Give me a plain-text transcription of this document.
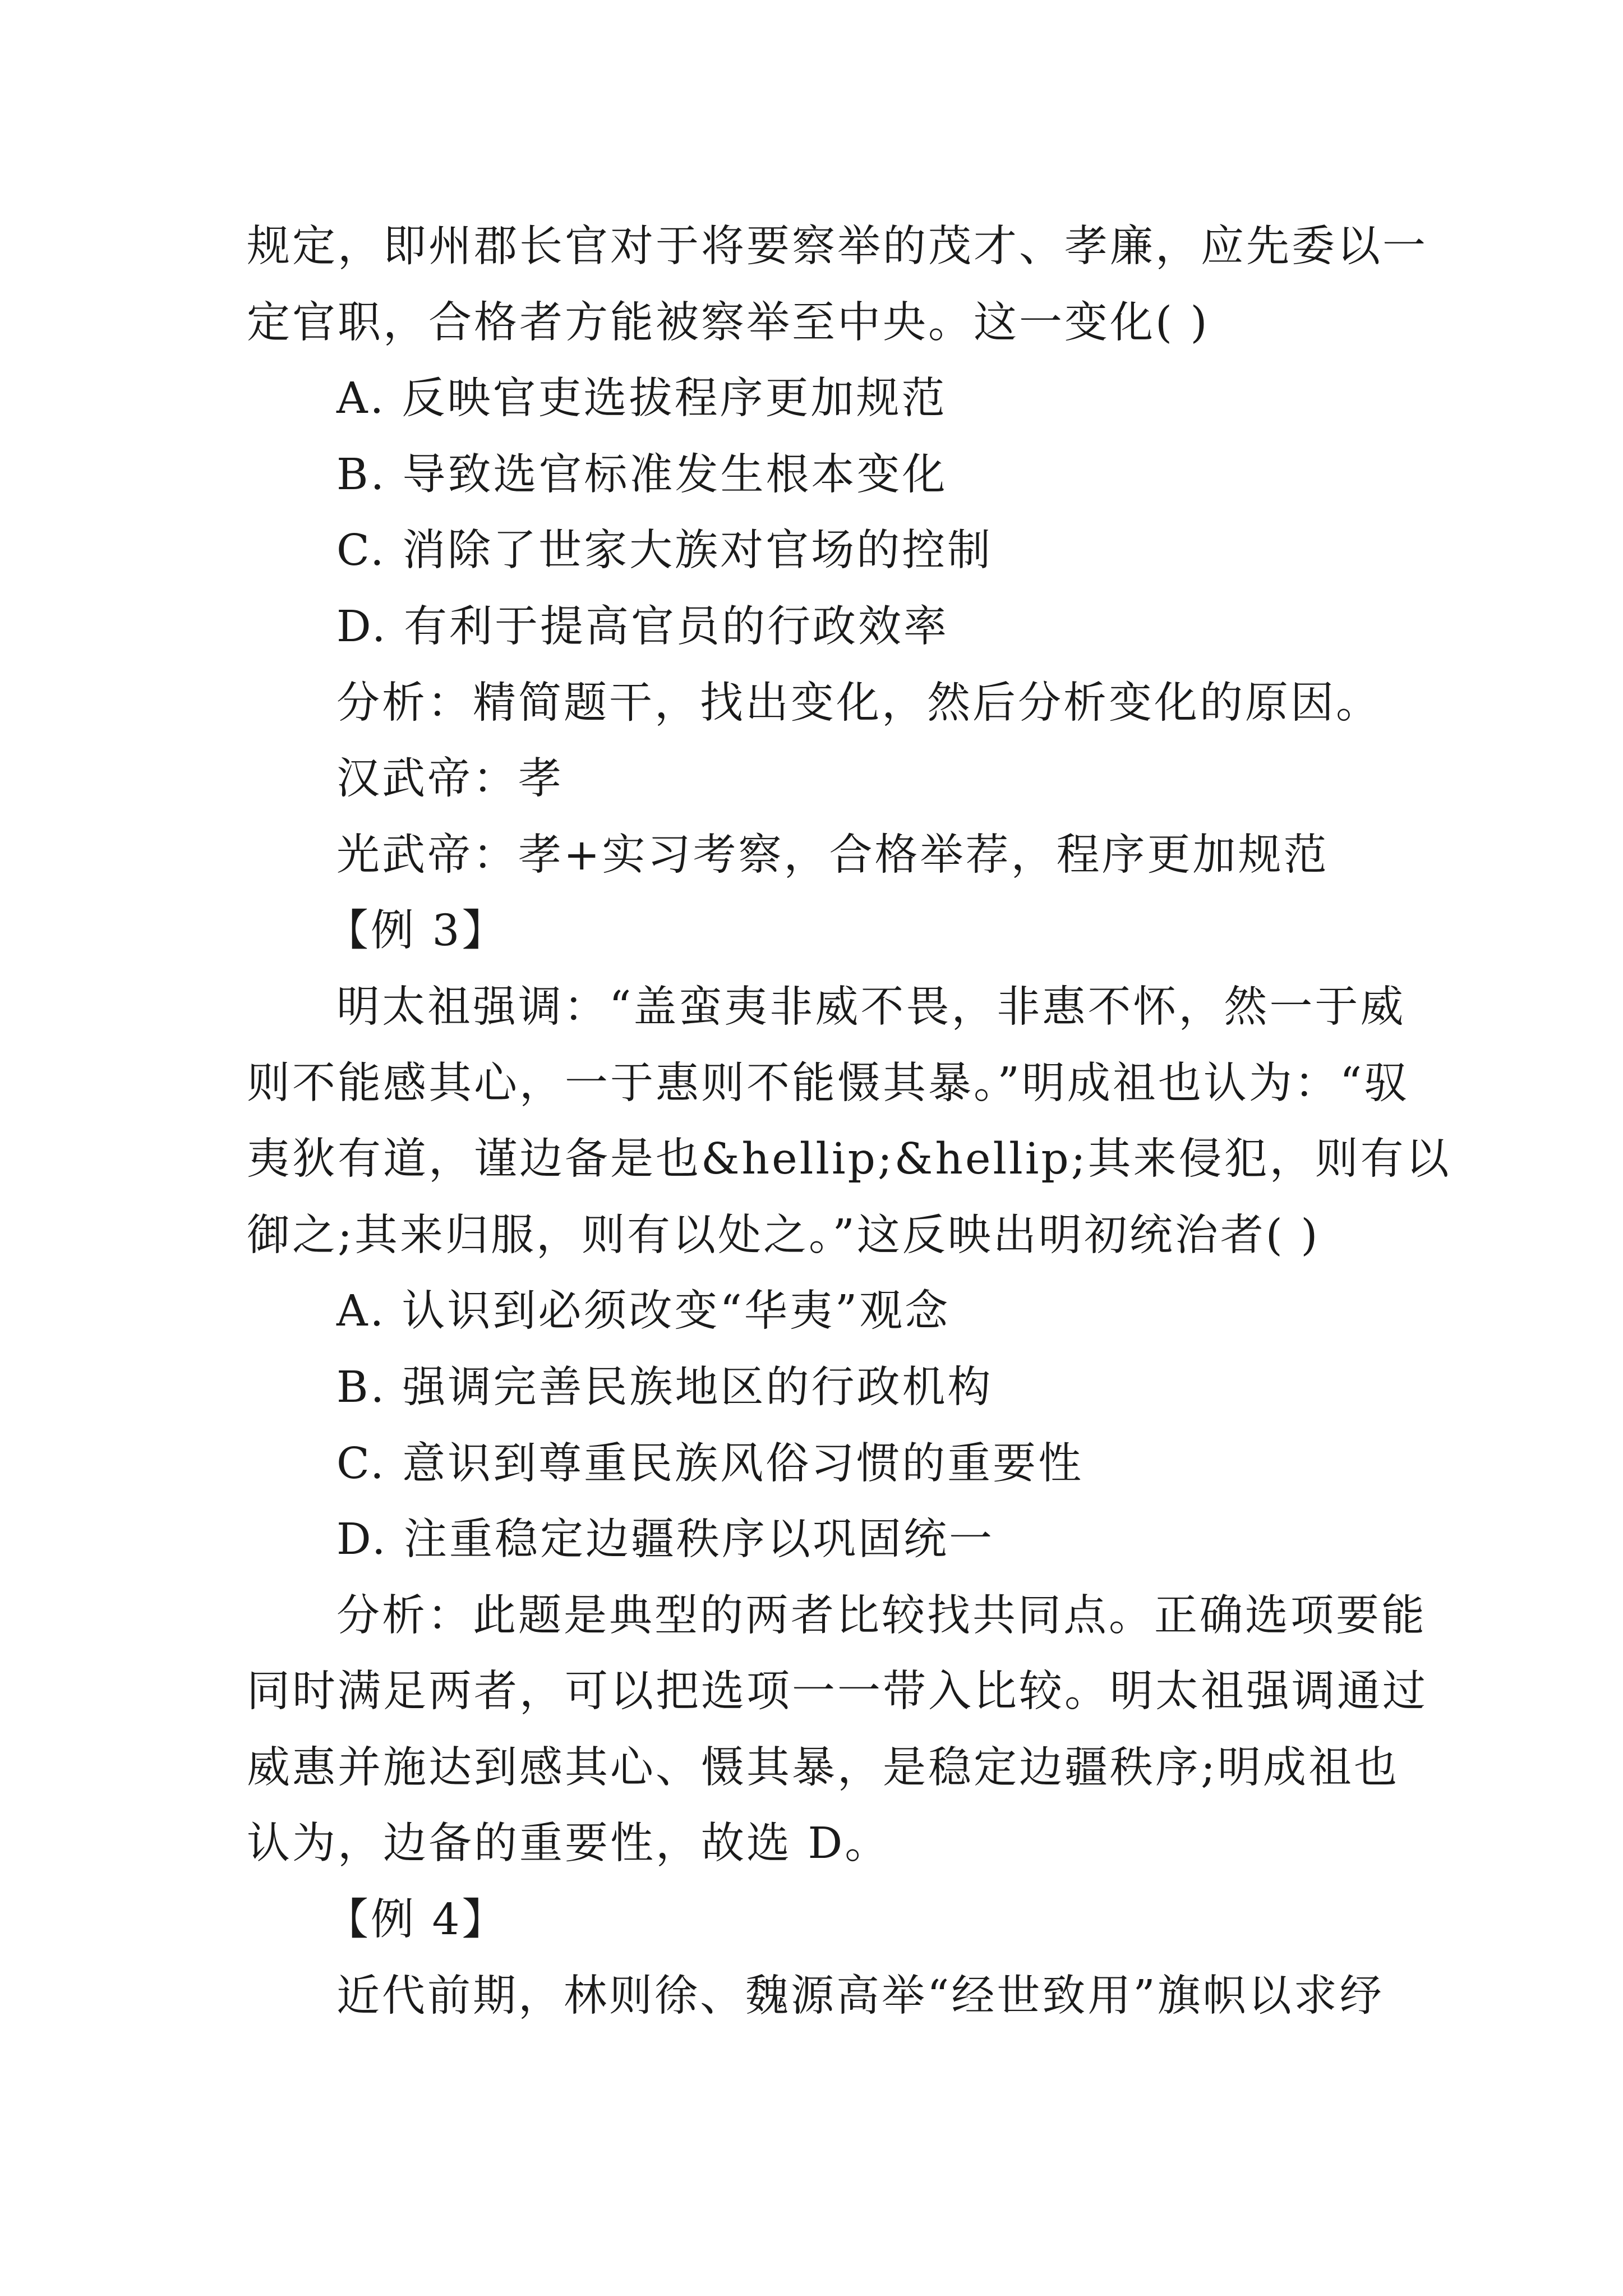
规定，即州郡长官对于将要察举的茂才、孝廉，应先委以一
定官职，合格者方能被察举至中央。这一变化( )
A. 反映官吏选拔程序更加规范
B. 导致选官标准发生根本变化
C. 消除了世家大族对官场的控制
D. 有利于提高官员的行政效率
分析：精简题干，找出变化，然后分析变化的原因。
汉武帝：孝
光武帝：孝+实习考察，合格举荐，程序更加规范
【例 3】
明太祖强调：“盖蛮夷非威不畏，非惠不怀，然一于威
则不能感其心，一于惠则不能慑其暴。”明成祖也认为：“驭
夷狄有道，谨边备是也&hellip;&hellip;其来侵犯，则有以
御之;其来归服，则有以处之。”这反映出明初统治者( )
A. 认识到必须改变“华夷”观念
B. 强调完善民族地区的行政机构
C. 意识到尊重民族风俗习惯的重要性
D. 注重稳定边疆秩序以巩固统一
分析：此题是典型的两者比较找共同点。正确选项要能
同时满足两者，可以把选项一一带入比较。明太祖强调通过
威惠并施达到感其心、慑其暴，是稳定边疆秩序;明成祖也
认为，边备的重要性，故选 D。
【例 4】
近代前期，林则徐、魏源高举“经世致用”旗帜以求纾
